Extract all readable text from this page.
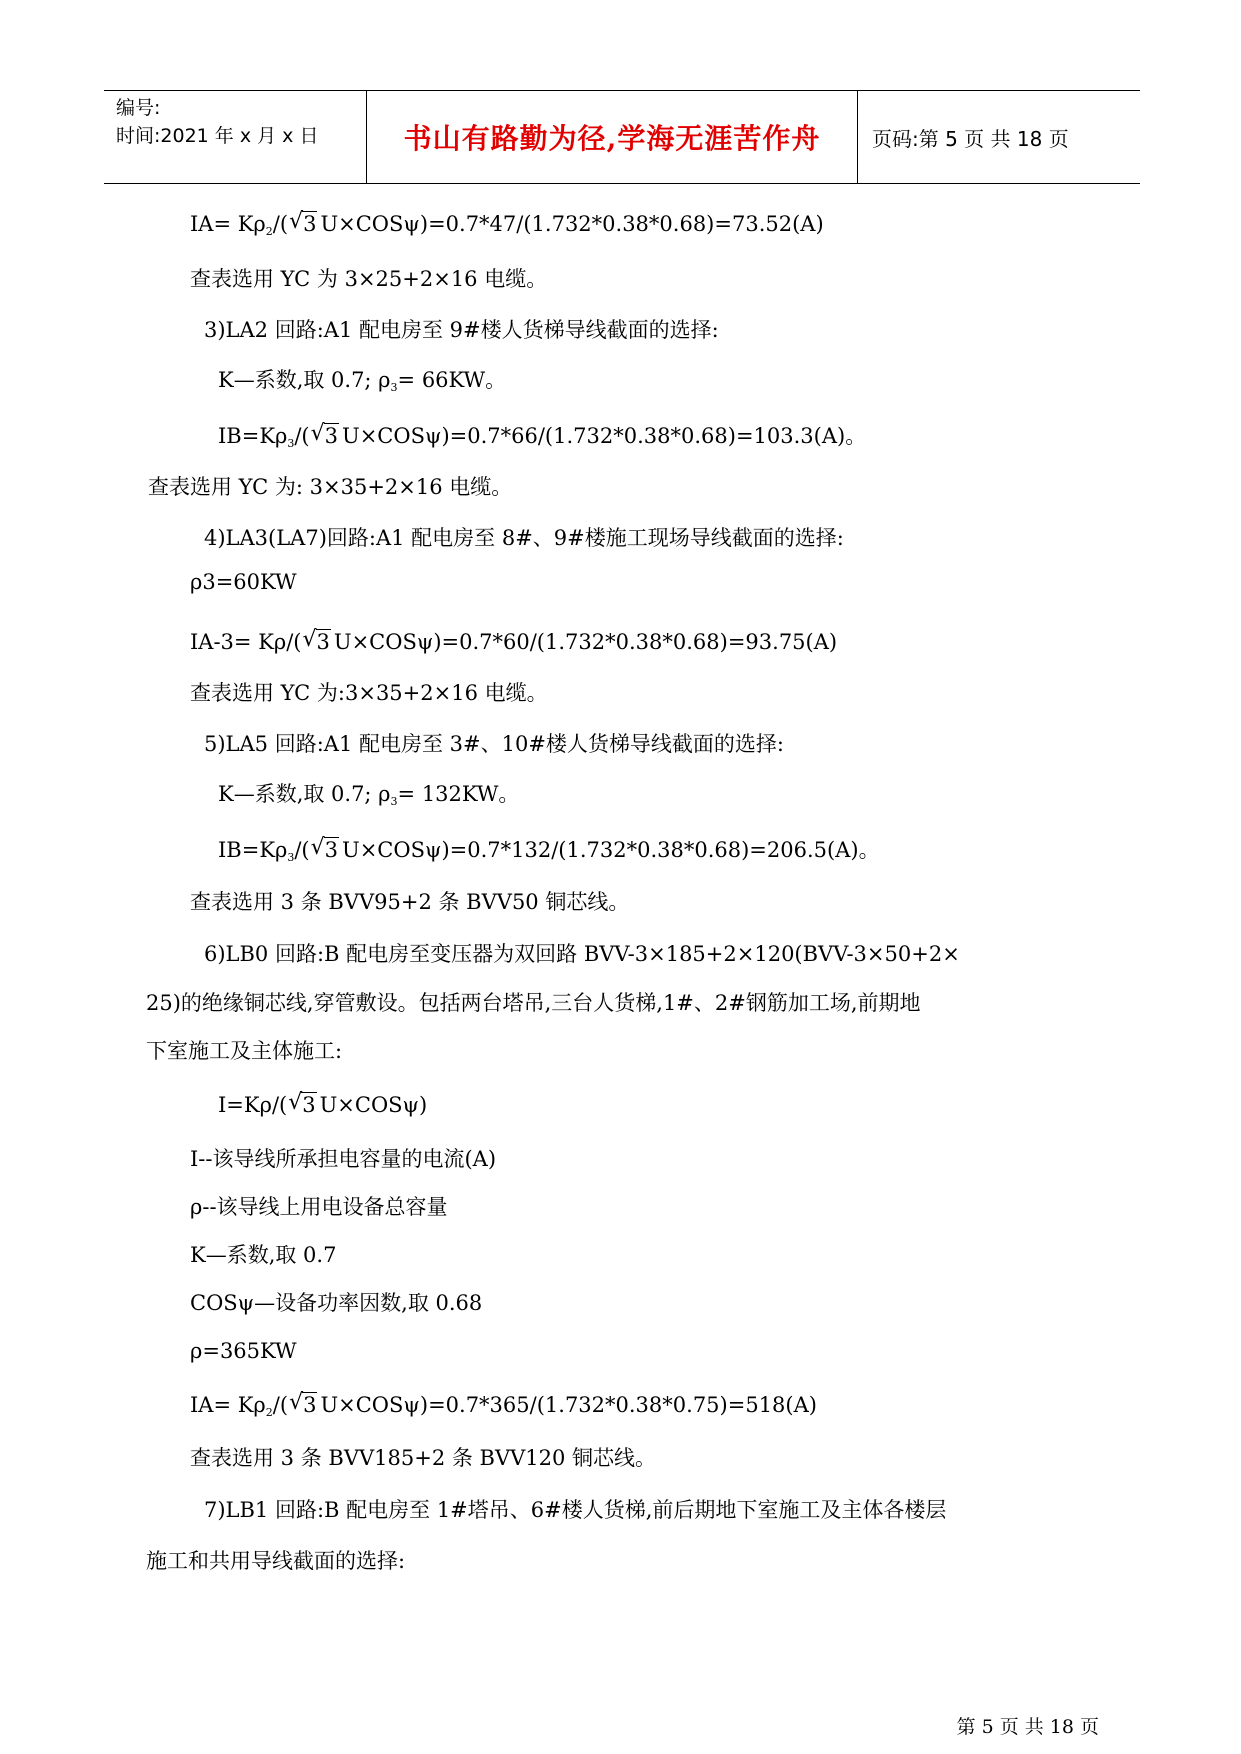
编号:
时间:2021 年 x 月 x 日	书山有路勤为径,学海无涯苦作舟	页码:第 5 页 共 18 页
$IA= K\rho_2/(√$ 3 U×COSψ)=0.7*47/(1.732*0.38*0.68)=73.52(A)
查表选用 YC 为 3×25+2×16 电缆。
3)LA2 回路:A1 配电房至 9#楼人货梯导线截面的选择:
K—系数,取 0.7; $\rho_3= 66KW$。
$IB=K\rho_3/(√$ 3 U×COSψ)=0.7*66/(1.732*0.38*0.68)=103.3(A)。
查表选用 YC 为: 3×35+2×16 电缆。
4)LA3(LA7)回路:A1 配电房至 8#、9#楼施工现场导线截面的选择:
ρ3=60KW
IA-3= Kρ/(√ 3 U×COSψ)=0.7*60/(1.732*0.38*0.68)=93.75(A)
查表选用 YC 为:3×35+2×16 电缆。
5)LA5 回路:A1 配电房至 3#、10#楼人货梯导线截面的选择:
K—系数,取 0.7; $\rho_3= 132KW$。
$IB=K\rho_3/(√$ 3 U×COSψ)=0.7*132/(1.732*0.38*0.68)=206.5(A)。
查表选用 3 条 BVV95+2 条 BVV50 铜芯线。
6)LB0 回路:B 配电房至变压器为双回路 BVV-3×185+2×120(BVV-3×50+2×
25)的绝缘铜芯线,穿管敷设。包括两台塔吊,三台人货梯,1#、2#钢筋加工场,前期地
下室施工及主体施工:
I=Kρ/(√ 3 U×COSψ)
I--该导线所承担电容量的电流(A)
ρ--该导线上用电设备总容量
K—系数,取 0.7
COSψ—设备功率因数,取 0.68
ρ=365KW
$IA= K\rho_2/(√$ 3 U×COSψ)=0.7*365/(1.732*0.38*0.75)=518(A)
查表选用 3 条 BVV185+2 条 BVV120 铜芯线。
7)LB1 回路:B 配电房至 1#塔吊、6#楼人货梯,前后期地下室施工及主体各楼层
施工和共用导线截面的选择:
第 5 页 共 18 页
